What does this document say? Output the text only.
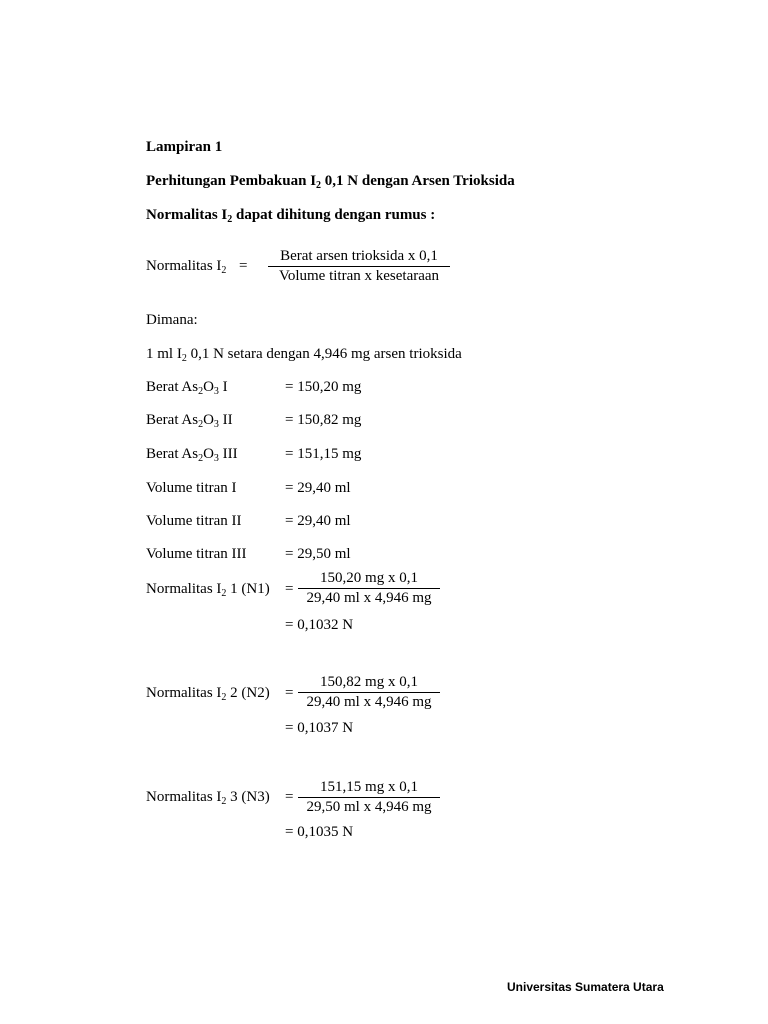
Lampiran 1
Perhitungan Pembakuan $I_2$ 0,1 N dengan Arsen Trioksida
Normalitas $I_2$ dapat dihitung dengan rumus :
Normalitas $I_2$ =
Berat arsen trioksida x 0,1
Volume titran x kesetaraan
Dimana:
1 ml $I_2$ 0,1 N setara dengan 4,946 mg arsen trioksida
Berat $As_2O_3$ I	= 150,20 mg
Berat $As_2O_3$ II	= 150,82 mg
Berat $As_2O_3$ III	= 151,15 mg
Volume titran I	= 29,40 ml
Volume titran II	= 29,40 ml
Volume titran III	= 29,50 ml
Normalitas $I_2$ 1 (N1) =
150,20 mg x 0,1
29,40 ml x 4,946 mg
= 0,1032 N
Normalitas $I_2$ 2 (N2) =
150,82 mg x 0,1
29,40 ml x 4,946 mg
= 0,1037 N
Normalitas $I_2$ 3 (N3) =
151,15 mg x 0,1
29,50 ml x 4,946 mg
= 0,1035 N
Universitas Sumatera Utara
